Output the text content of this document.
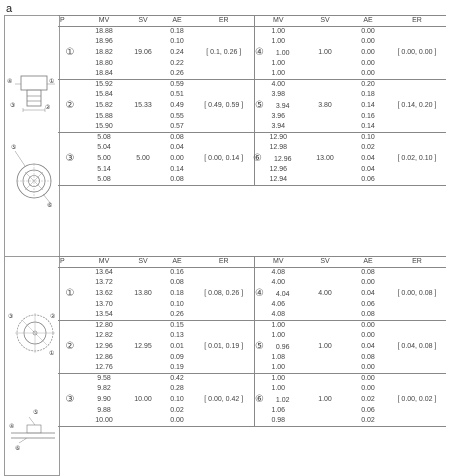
a
④	①
③	②
⑤
⑥
P	MV	SV	AE	ER	MV	SV	AE	ER
	18.88		0.18		1.00		0.00	
	18.96		0.10		1.00		0.00	
①	18.82	19.06	0.24	[ 0.1, 0.26 ]	④ 1.00	1.00	0.00	[ 0.00, 0.00 ]
	18.80		0.22		1.00		0.00	
	18.84		0.26		1.00		0.00	
	15.92		0.59		4.00		0.20	
	15.84		0.51		3.98		0.18	
②	15.82	15.33	0.49	[ 0.49, 0.59 ]	⑤ 3.94	3.80	0.14	[ 0.14, 0.20 ]
	15.88		0.55		3.96		0.16	
	15.90		0.57		3.94		0.14	
	5.08		0.08		12.90		0.10	
	5.04		0.04		12.98		0.02	
③	5.00	5.00	0.00	[ 0.00, 0.14 ]	⑥ 12.96	13.00	0.04	[ 0.02, 0.10 ]
	5.14		0.14		12.96		0.04	
	5.08		0.08		12.94		0.06	
③	②
①
④
⑤
⑥
P	MV	SV	AE	ER	MV	SV	AE	ER
	13.64		0.16		4.08		0.08	
	13.72		0.08		4.00		0.00	
①	13.62	13.80	0.18	[ 0.08, 0.26 ]	④ 4.04	4.00	0.04	[ 0.00, 0.08 ]
	13.70		0.10		4.06		0.06	
	13.54		0.26		4.08		0.08	
	12.80		0.15		1.00		0.00	
	12.82		0.13		1.00		0.00	
②	12.96	12.95	0.01	[ 0.01, 0.19 ]	⑤ 0.96	1.00	0.04	[ 0.04, 0.08 ]
	12.86		0.09		1.08		0.08	
	12.76		0.19		1.00		0.00	
	9.58		0.42		1.00		0.00	
	9.82		0.28		1.00		0.00	
③	9.90	10.00	0.10	[ 0.00, 0.42 ]	⑥ 1.02	1.00	0.02	[ 0.00, 0.02 ]
	9.88		0.02		1.06		0.06	
	10.00		0.00		0.98		0.02	
